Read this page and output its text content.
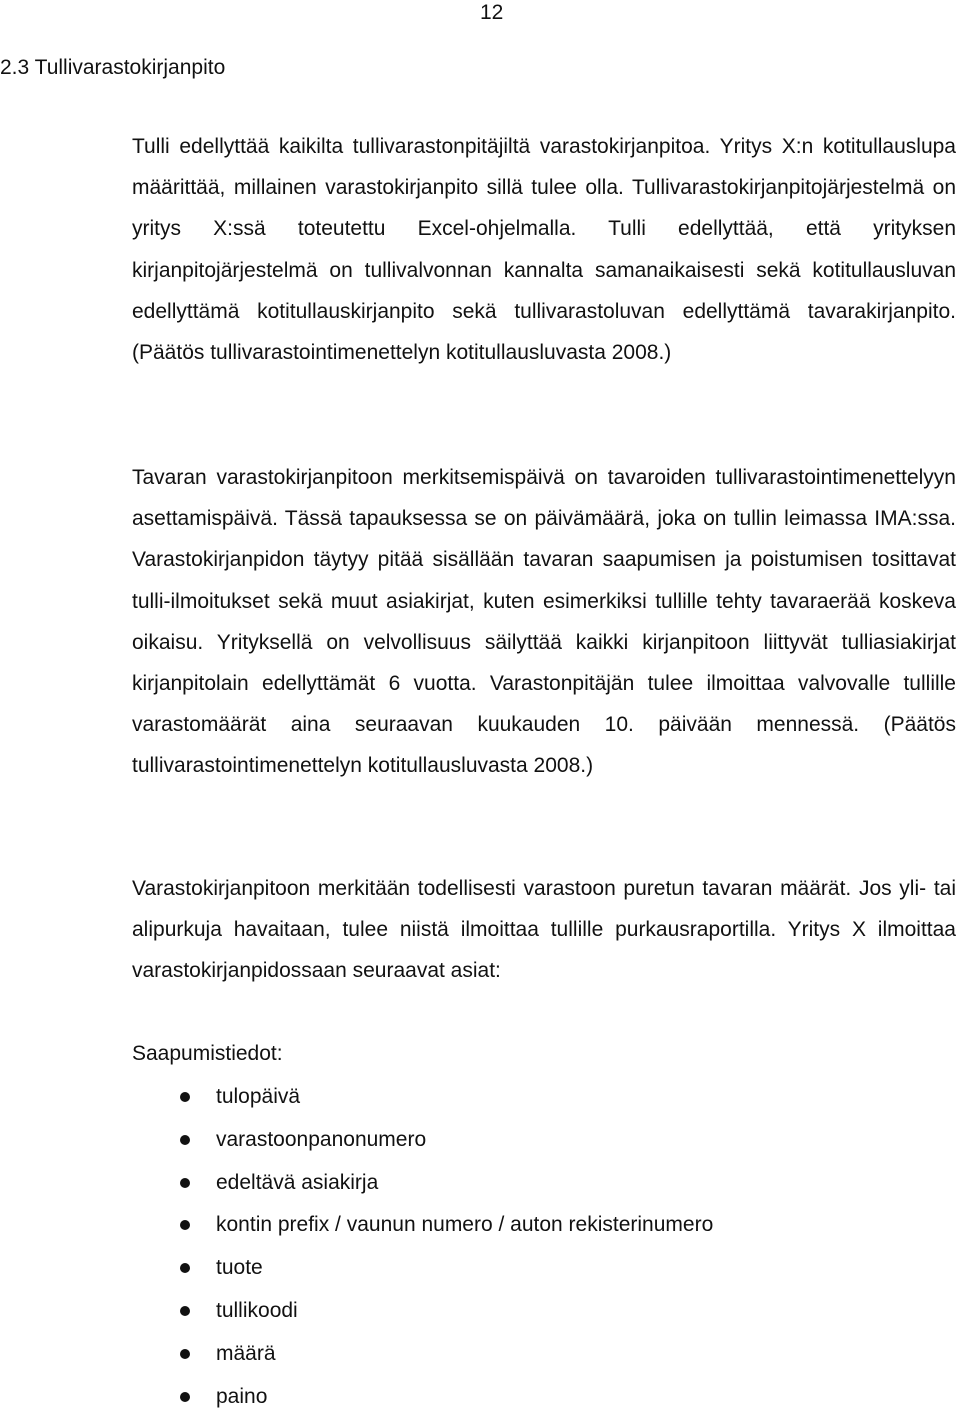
12
2.3 Tullivarastokirjanpito

Tulli edellyttää kaikilta tullivarastonpitäjiltä varastokirjanpitoa. Yritys X:n kotitullauslupa määrittää, millainen varastokirjanpito sillä tulee olla. Tullivarastokirjanpitojärjestelmä on yritys X:ssä toteutettu Excel-ohjelmalla. Tulli edellyttää, että yrityksen kirjanpitojärjestelmä on tullivalvonnan kannalta samanaikaisesti sekä kotitullausluvan edellyttämä kotitullauskirjanpito sekä tullivarastoluvan edellyttämä tavarakirjanpito. (Päätös tullivarastointimenettelyn kotitullausluvasta 2008.)

Tavaran varastokirjanpitoon merkitsemispäivä on tavaroiden tullivarastointimenettelyyn asettamispäivä. Tässä tapauksessa se on päivämäärä, joka on tullin leimassa IMA:ssa. Varastokirjanpidon täytyy pitää sisällään tavaran saapumisen ja poistumisen tosittavat tulli-ilmoitukset sekä muut asiakirjat, kuten esimerkiksi tullille tehty tavaraerää koskeva oikaisu. Yrityksellä on velvollisuus säilyttää kaikki kirjanpitoon liittyvät tulliasiakirjat kirjanpitolain edellyttämät 6 vuotta. Varastonpitäjän tulee ilmoittaa valvovalle tullille varastomäärät aina seuraavan kuukauden 10. päivään mennessä. (Päätös tullivarastointimenettelyn kotitullausluvasta 2008.)

Varastokirjanpitoon merkitään todellisesti varastoon puretun tavaran määrät. Jos yli- tai alipurkuja havaitaan, tulee niistä ilmoittaa tullille purkausraportilla. Yritys X ilmoittaa varastokirjanpidossaan seuraavat asiat:

Saapumistiedot:

tulopäivä
varastoonpanonumero
edeltävä asiakirja
kontin prefix / vaunun numero / auton rekisterinumero
tuote
tullikoodi
määrä
paino
